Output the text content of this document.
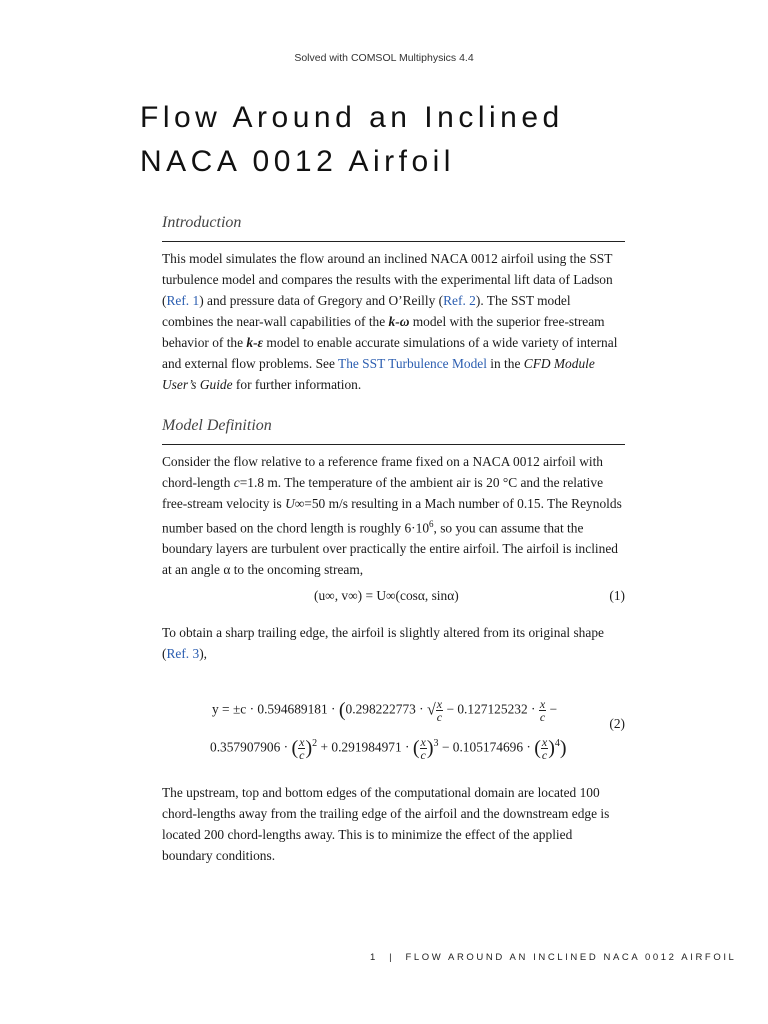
Solved with COMSOL Multiphysics 4.4
Flow Around an Inclined NACA 0012 Airfoil
Introduction

This model simulates the flow around an inclined NACA 0012 airfoil using the SST turbulence model and compares the results with the experimental lift data of Ladson (Ref. 1) and pressure data of Gregory and O’Reilly (Ref. 2). The SST model combines the near-wall capabilities of the k-ω model with the superior free-stream behavior of the k-ε model to enable accurate simulations of a wide variety of internal and external flow problems. See The SST Turbulence Model in the CFD Module User’s Guide for further information.

Model Definition

Consider the flow relative to a reference frame fixed on a NACA 0012 airfoil with chord-length c=1.8 m. The temperature of the ambient air is 20 °C and the relative free-stream velocity is U∞=50 m/s resulting in a Mach number of 0.15. The Reynolds number based on the chord length is roughly $6\cdot 10^6$, so you can assume that the boundary layers are turbulent over practically the entire airfoil. The airfoil is inclined at an angle α to the oncoming stream,

(u∞, v∞) = U∞(cosα, sinα)	(1)

To obtain a sharp trailing edge, the airfoil is slightly altered from its original shape (Ref. 3),

y = ±c · 0.594689181 · (0.298222773 · √ $\frac{x}{c} - 0.127125232 \cdot \frac{x}{c}$ −
0.357907906 · ( $\frac{x}{c} )^2 + 0.291984971$ · ( $\frac{x}{c} )^3 - 0.105174696$ · ( $\frac{x}{c} )^4$)
(2)

The upstream, top and bottom edges of the computational domain are located 100 chord-lengths away from the trailing edge of the airfoil and the downstream edge is located 200 chord-lengths away. This is to minimize the effect of the applied boundary conditions.

1 | FLOW AROUND AN INCLINED NACA 0012 AIRFOIL
